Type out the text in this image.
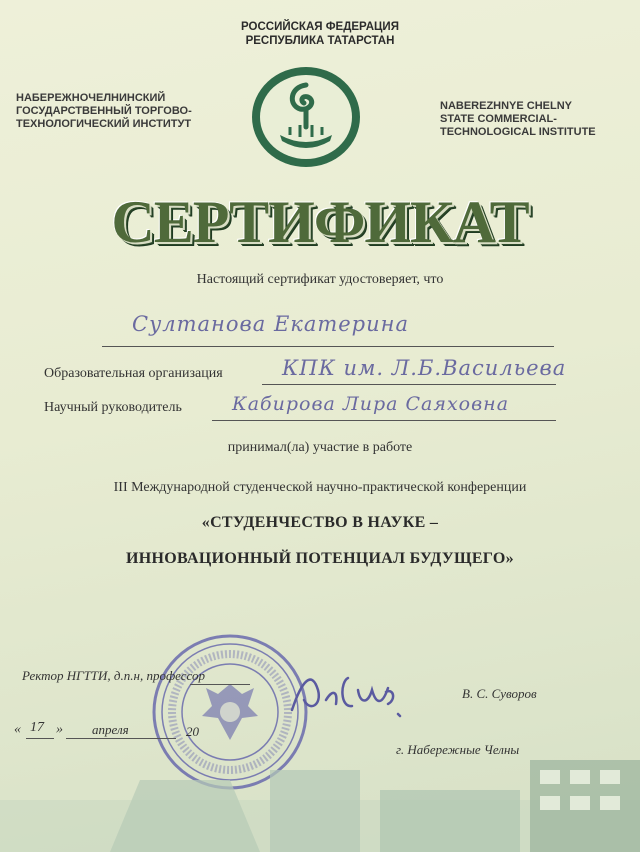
РОССИЙСКАЯ ФЕДЕРАЦИЯ
РЕСПУБЛИКА ТАТАРСТАН
НАБЕРЕЖНОЧЕЛНИНСКИЙ
ГОСУДАРСТВЕННЫЙ ТОРГОВО-
ТЕХНОЛОГИЧЕСКИЙ ИНСТИТУТ
NABEREZHNYE CHELNY
STATE COMMERCIAL-
TECHNOLOGICAL INSTITUTE
СЕРТИФИКАТ
Настоящий сертификат удостоверяет, что
Султанова Екатерина
Образовательная организация	КПК им. Л.Б.Васильева
Научный руководитель	Кабирова Лира Саяховна
принимал(ла) участие в работе
III Международной студенческой научно-практической конференции
«СТУДЕНЧЕСТВО В НАУКЕ –
ИННОВАЦИОННЫЙ ПОТЕНЦИАЛ БУДУЩЕГО»
Ректор НГТТИ, д.п.н, профессор
В. С. Суворов
« 17 » апреля	20
г. Набережные Челны
